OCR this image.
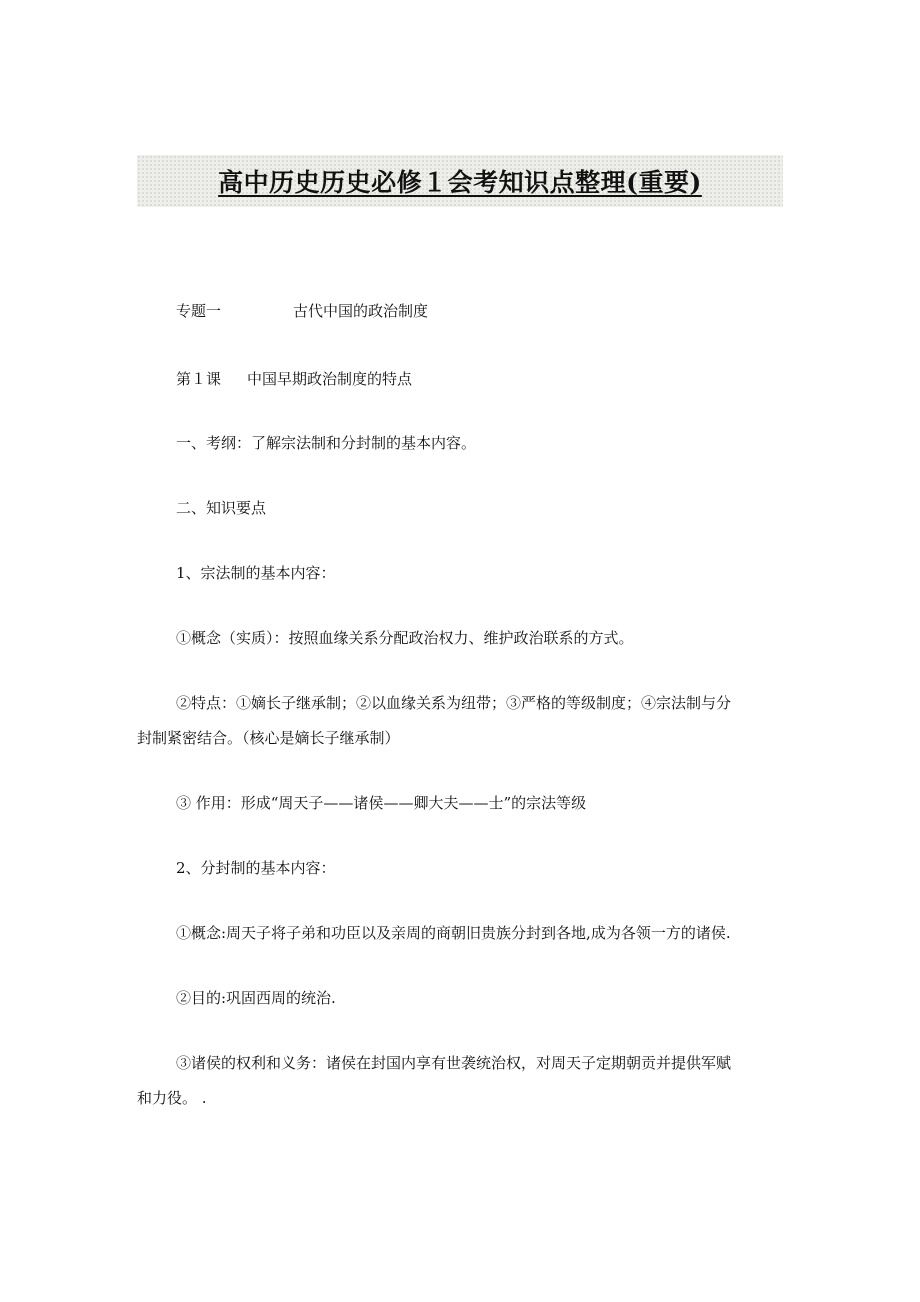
高中历史历史必修１会考知识点整理(重要)
专题一	古代中国的政治制度
第１课 中国早期政治制度的特点
一、考纲：了解宗法制和分封制的基本内容。
二、知识要点
1、宗法制的基本内容：
①概念（实质）：按照血缘关系分配政治权力、维护政治联系的方式。
②特点：①嫡长子继承制；②以血缘关系为纽带；③严格的等级制度；④宗法制与分
封制紧密结合。（核心是嫡长子继承制）
③ 作用：形成“周天子——诸侯——卿大夫——士”的宗法等级
2、分封制的基本内容：
①概念:周天子将子弟和功臣以及亲周的商朝旧贵族分封到各地,成为各领一方的诸侯.
②目的:巩固西周的统治.
③诸侯的权利和义务：诸侯在封国内享有世袭统治权，对周天子定期朝贡并提供军赋
和力役。 .
